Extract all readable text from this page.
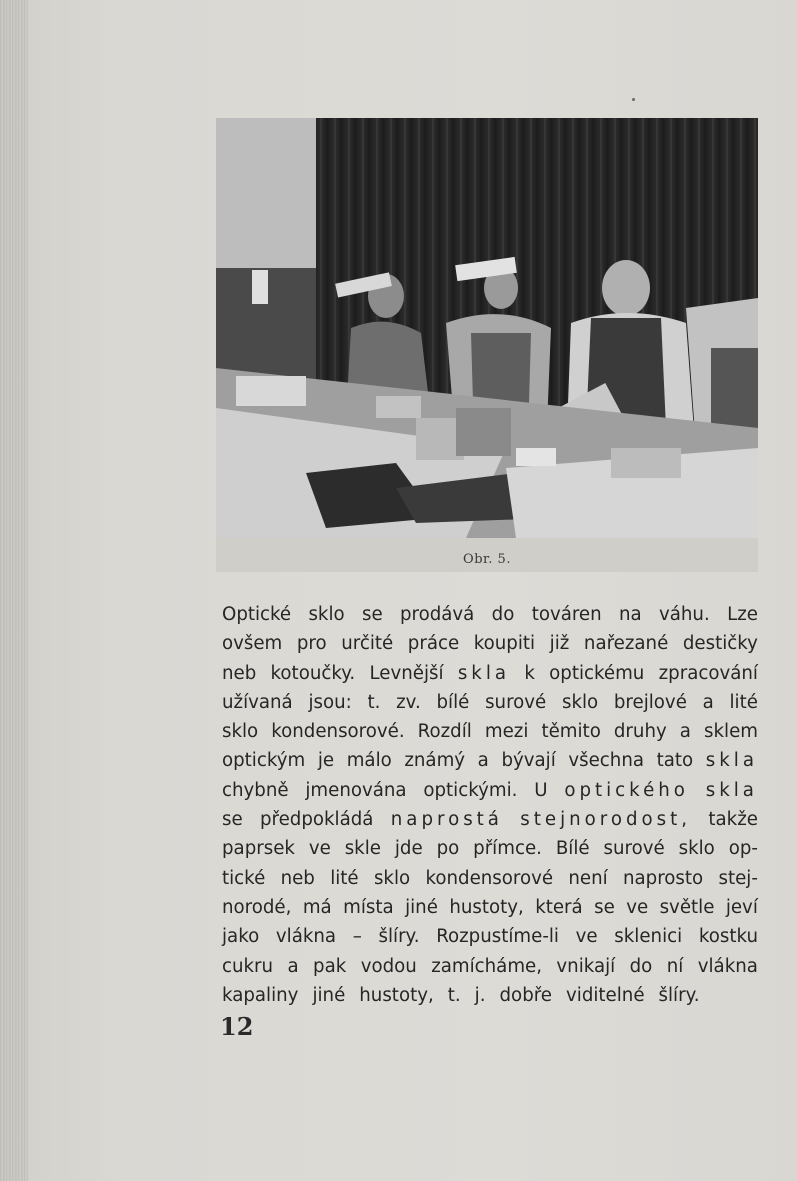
Obr. 5.
Optické sklo se prodává do továren na váhu. Lze
ovšem pro určité práce koupiti již nařezané destičky
neb kotoučky. Levnější skla k optickému zpracování
užívaná jsou: t. zv. bílé surové sklo brejlové a lité
sklo kondensorové. Rozdíl mezi těmito druhy a sklem
optickým je málo známý a bývají všechna tato skla
chybně jmenována optickými. U optického skla
se předpokládá naprostá stejnorodost, takže
paprsek ve skle jde po přímce. Bílé surové sklo op-
tické neb lité sklo kondensorové není naprosto stej-
norodé, má místa jiné hustoty, která se ve světle jeví
jako vlákna – šlíry. Rozpustíme-li ve sklenici kostku
cukru a pak vodou zamícháme, vnikají do ní vlákna
kapaliny jiné hustoty, t. j. dobře viditelné šlíry.
12
